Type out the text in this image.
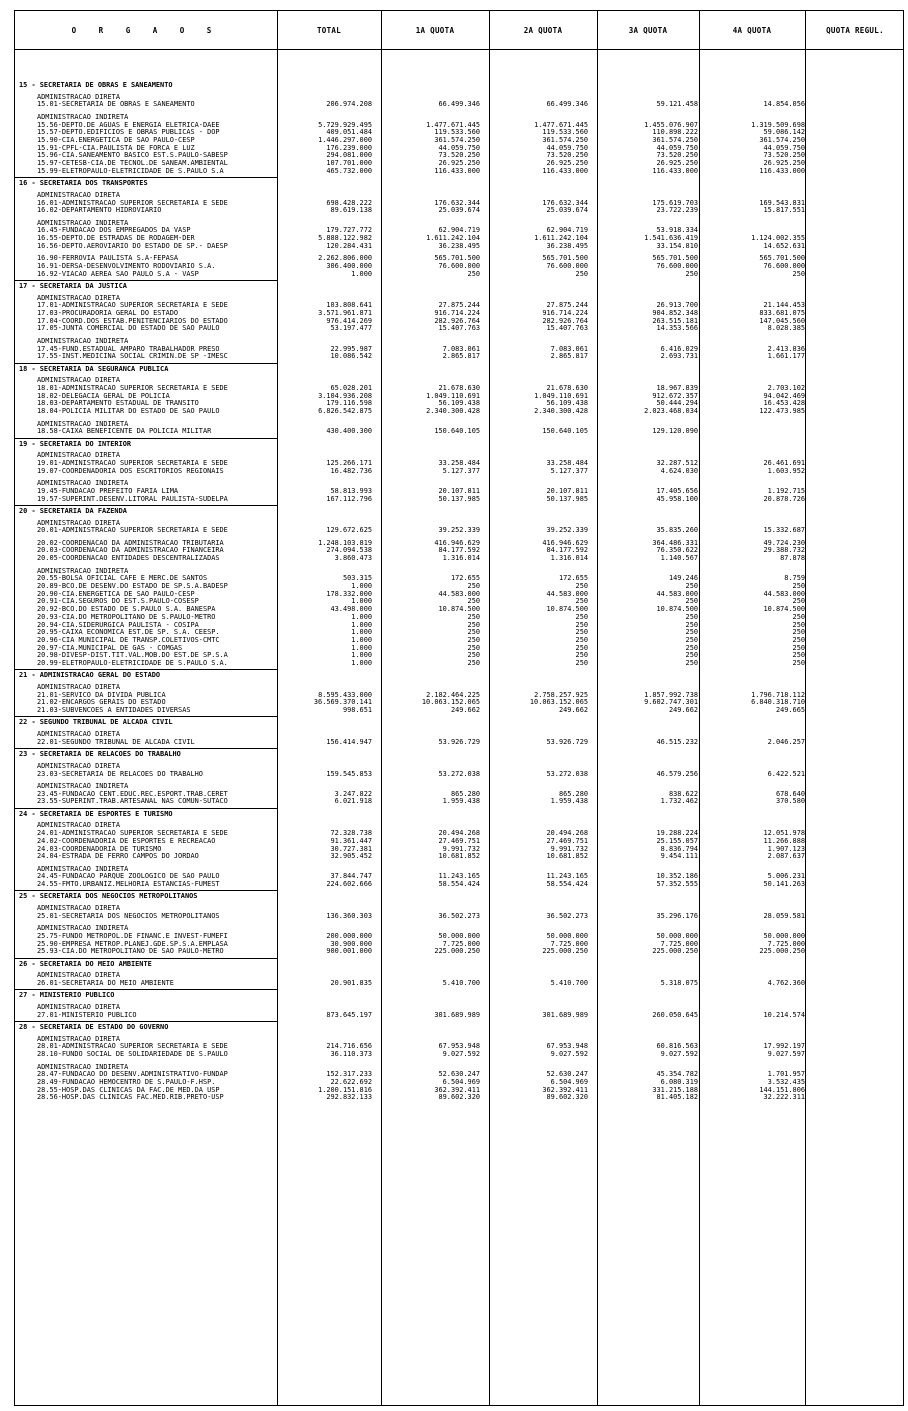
O R G A O S	TOTAL	1A QUOTA	2A QUOTA	3A QUOTA	4A QUOTA	QUOTA REGUL.
15 - SECRETARIA DE OBRAS E SANEAMENTO
ADMINISTRACAO DIRETA
15.01-SECRETARIA DE OBRAS E SANEAMENTO	206.974.208	66.499.346	66.499.346	59.121.458	14.854.056
ADMINISTRACAO INDIRETA
15.56-DEPTO.DE AGUAS E ENERGIA ELETRICA-DAEE	5.729.929.495	1.477.671.445	1.477.671.445	1.455.076.907	1.319.509.698
15.57-DEPTO.EDIFICIOS E OBRAS PUBLICAS - DOP	409.051.484	119.533.560	119.533.560	110.898.222	59.086.142
15.90-CIA.ENERGETICA DE SAO PAULO-CESP	1.446.297.000	361.574.250	361.574.250	361.574.250	361.574.250
15.91-CPFL-CIA.PAULISTA DE FORCA E LUZ	176.239.000	44.059.750	44.059.750	44.059.750	44.059.750
15.96-CIA.SANEAMENTO BASICO EST.S.PAULO-SABESP	294.081.000	73.520.250	73.520.250	73.520.250	73.520.250
15.97-CETESB-CIA.DE TECNOL.DE SANEAM.AMBIENTAL	107.701.000	26.925.250	26.925.250	26.925.250	26.925.250
15.99-ELETROPAULO-ELETRICIDADE DE S.PAULO S.A	465.732.000	116.433.000	116.433.000	116.433.000	116.433.000
16 - SECRETARIA DOS TRANSPORTES
ADMINISTRACAO DIRETA
16.01-ADMINISTRACAO SUPERIOR SECRETARIA E SEDE	698.428.222	176.632.344	176.632.344	175.619.703	169.543.831
16.02-DEPARTAMENTO HIDROVIARIO	89.619.138	25.039.674	25.039.674	23.722.239	15.817.551
ADMINISTRACAO INDIRETA
16.45-FUNDACAO DOS EMPREGADOS DA VASP	179.727.772	62.904.719	62.904.719	53.918.334
16.55-DEPTO.DE ESTRADAS DE RODAGEM-DER	5.888.122.982	1.611.242.104	1.611.242.104	1.541.636.419	1.124.002.355
16.56-DEPTO.AEROVIARIO DO ESTADO DE SP.- DAESP	120.284.431	36.238.495	36.238.495	33.154.810	14.652.631
16.90-FERROVIA PAULISTA S.A-FEPASA	2.262.806.000	565.701.500	565.701.500	565.701.500	565.701.500
16.91-DERSA-DESENVOLVIMENTO RODOVIARIO S.A.	306.400.000	76.600.000	76.600.000	76.600.000	76.600.000
16.92-VIACAO AEREA SAO PAULO S.A - VASP	1.000	250	250	250	250
17 - SECRETARIA DA JUSTICA
ADMINISTRACAO DIRETA
17.01-ADMINISTRACAO SUPERIOR SECRETARIA E SEDE	103.808.641	27.875.244	27.875.244	26.913.700	21.144.453
17.03-PROCURADORIA GERAL DO ESTADO	3.571.961.871	916.714.224	916.714.224	904.852.348	833.681.075
17.04-COORD.DOS ESTAB.PENITENCIARIOS DO ESTADO	976.414.269	282.926.764	282.926.764	263.515.181	147.045.560
17.05-JUNTA COMERCIAL DO ESTADO DE SAO PAULO	53.197.477	15.407.763	15.407.763	14.353.566	8.028.385
ADMINISTRACAO INDIRETA
17.45-FUND.ESTADUAL AMPARO TRABALHADOR PRESO	22.995.987	7.083.061	7.083.061	6.416.029	2.413.836
17.55-INST.MEDICINA SOCIAL CRIMIN.DE SP -IMESC	10.086.542	2.865.817	2.865.817	2.693.731	1.661.177
18 - SECRETARIA DA SEGURANCA PUBLICA
ADMINISTRACAO DIRETA
18.01-ADMINISTRACAO SUPERIOR SECRETARIA E SEDE	65.028.201	21.678.630	21.678.630	18.967.839	2.703.102
18.02-DELEGACIA GERAL DE POLICIA	3.104.936.208	1.049.110.691	1.049.110.691	912.672.357	94.042.469
18.03-DEPARTAMENTO ESTADUAL DE TRANSITO	179.116.598	56.109.438	56.109.438	50.444.294	16.453.428
18.04-POLICIA MILITAR DO ESTADO DE SAO PAULO	6.826.542.875	2.340.300.428	2.340.300.428	2.023.468.034	122.473.985
ADMINISTRACAO INDIRETA
18.58-CAIXA BENEFICENTE DA POLICIA MILITAR	430.400.300	150.640.105	150.640.105	129.120.090
19 - SECRETARIA DO INTERIOR
ADMINISTRACAO DIRETA
19.01-ADMINISTRACAO SUPERIOR SECRETARIA E SEDE	125.266.171	33.258.484	33.258.484	32.287.512	26.461.691
19.07-COORDENADORIA DOS ESCRITORIOS REGIONAIS	16.482.736	5.127.377	5.127.377	4.624.030	1.603.952
ADMINISTRACAO INDIRETA
19.45-FUNDACAO PREFEITO FARIA LIMA	58.813.993	20.107.811	20.107.811	17.405.656	1.192.715
19.57-SUPERINT.DESENV.LITORAL PAULISTA-SUDELPA	167.112.796	50.137.985	50.137.985	45.958.100	20.878.726
20 - SECRETARIA DA FAZENDA
ADMINISTRACAO DIRETA
20.01-ADMINISTRACAO SUPERIOR SECRETARIA E SEDE	129.672.625	39.252.339	39.252.339	35.835.260	15.332.687
20.02-COORDENACAO DA ADMINISTRACAO TRIBUTARIA	1.248.103.819	416.946.629	416.946.629	364.486.331	49.724.230
20.03-COORDENACAO DA ADMINISTRACAO FINANCEIRA	274.094.538	84.177.592	84.177.592	76.350.622	29.388.732
20.05-COORDENACAO ENTIDADES DESCENTRALIZADAS	3.860.473	1.316.014	1.316.014	1.140.567	87.878
ADMINISTRACAO INDIRETA
20.55-BOLSA OFICIAL CAFE E MERC.DE SANTOS	503.315	172.655	172.655	149.246	8.759
20.89-BCO.DE DESENV.DO ESTADO DE SP.S.A.BADESP	1.000	250	250	250	250
20.90-CIA.ENERGETICA DE SAO PAULO-CESP	178.332.000	44.583.000	44.583.000	44.583.000	44.583.000
20.91-CIA.SEGUROS DO EST.S.PAULO-COSESP	1.000	250	250	250	250
20.92-BCO.DO ESTADO DE S.PAULO S.A. BANESPA	43.498.000	10.874.500	10.874.500	10.874.500	10.874.500
20.93-CIA.DO METROPOLITANO DE S.PAULO-METRO	1.000	250	250	250	250
20.94-CIA.SIDERURGICA PAULISTA - COSIPA	1.000	250	250	250	250
20.95-CAIXA ECONOMICA EST.DE SP. S.A. CEESP.	1.000	250	250	250	250
20.96-CIA MUNICIPAL DE TRANSP.COLETIVOS-CMTC	1.000	250	250	250	250
20.97-CIA.MUNICIPAL DE GAS - COMGAS	1.000	250	250	250	250
20.98-DIVESP-DIST.TIT.VAL.MOB.DO EST.DE SP.S.A	1.000	250	250	250	250
20.99-ELETROPAULO-ELETRICIDADE DE S.PAULO S.A.	1.000	250	250	250	250
21 - ADMINISTRACAO GERAL DO ESTADO
ADMINISTRACAO DIRETA
21.01-SERVICO DA DIVIDA PUBLICA	8.595.433.000	2.182.464.225	2.758.257.925	1.857.992.738	1.796.718.112
21.02-ENCARGOS GERAIS DO ESTADO	36.569.370.141	10.063.152.065	10.063.152.065	9.602.747.301	6.840.318.710
21.03-SUBVENCOES A ENTIDADES DIVERSAS	998.651	249.662	249.662	249.662	249.665
22 - SEGUNDO TRIBUNAL DE ALCADA CIVIL
ADMINISTRACAO DIRETA
22.01-SEGUNDO TRIBUNAL DE ALCADA CIVIL	156.414.947	53.926.729	53.926.729	46.515.232	2.046.257
23 - SECRETARIA DE RELACOES DO TRABALHO
ADMINISTRACAO DIRETA
23.03-SECRETARIA DE RELACOES DO TRABALHO	159.545.853	53.272.038	53.272.038	46.579.256	6.422.521
ADMINISTRACAO INDIRETA
23.45-FUNDACAO CENT.EDUC.REC.ESPORT.TRAB.CERET	3.247.822	865.280	865.280	838.622	678.640
23.55-SUPERINT.TRAB.ARTESANAL NAS COMUN-SUTACO	6.021.918	1.959.438	1.959.438	1.732.462	370.580
24 - SECRETARIA DE ESPORTES E TURISMO
ADMINISTRACAO DIRETA
24.01-ADMINISTRACAO SUPERIOR SECRETARIA E SEDE	72.328.738	20.494.268	20.494.268	19.288.224	12.051.978
24.02-COORDENADORIA DE ESPORTES E RECREACAO	91.361.447	27.469.751	27.469.751	25.155.057	11.266.888
24.03-COORDENADORIA DE TURISMO	30.727.381	9.991.732	9.991.732	8.836.794	1.907.123
24.04-ESTRADA DE FERRO CAMPOS DO JORDAO	32.905.452	10.681.852	10.681.852	9.454.111	2.087.637
ADMINISTRACAO INDIRETA
24.45-FUNDACAO PARQUE ZOOLOGICO DE SAO PAULO	37.844.747	11.243.165	11.243.165	10.352.186	5.006.231
24.55-FMTO.URBANIZ.MELHORIA ESTANCIAS-FUMEST	224.602.666	58.554.424	58.554.424	57.352.555	50.141.263
25 - SECRETARIA DOS NEGOCIOS METROPOLITANOS
ADMINISTRACAO DIRETA
25.01-SECRETARIA DOS NEGOCIOS METROPOLITANOS	136.360.303	36.502.273	36.502.273	35.296.176	28.059.581
ADMINISTRACAO INDIRETA
25.75-FUNDO METROPOL.DE FINANC.E INVEST-FUMEFI	200.000.000	50.000.000	50.000.000	50.000.000	50.000.000
25.90-EMPRESA METROP.PLANEJ.GDE.SP.S.A.EMPLASA	30.900.000	7.725.000	7.725.000	7.725.000	7.725.000
25.93-CIA.DO METROPOLITANO DE SAO PAULO-METRO	900.001.000	225.000.250	225.000.250	225.000.250	225.000.250
26 - SECRETARIA DO MEIO AMBIENTE
ADMINISTRACAO DIRETA
26.01-SECRETARIA DO MEIO AMBIENTE	20.901.835	5.410.700	5.410.700	5.318.075	4.762.360
27 - MINISTERIO PUBLICO
ADMINISTRACAO DIRETA
27.01-MINISTERIO PUBLICO	873.645.197	301.689.989	301.689.989	260.050.645	10.214.574
28 - SECRETARIA DE ESTADO DO GOVERNO
ADMINISTRACAO DIRETA
28.01-ADMINISTRACAO SUPERIOR SECRETARIA E SEDE	214.716.656	67.953.948	67.953.948	60.816.563	17.992.197
28.10-FUNDO SOCIAL DE SOLIDARIEDADE DE S.PAULO	36.110.373	9.027.592	9.027.592	9.027.592	9.027.597
ADMINISTRACAO INDIRETA
28.47-FUNDACAO DO DESENV.ADMINISTRATIVO-FUNDAP	152.317.233	52.630.247	52.630.247	45.354.782	1.701.957
28.49-FUNDACAO HEMOCENTRO DE S.PAULO-F.HSP.	22.622.692	6.504.969	6.504.969	6.080.319	3.532.435
28.55-HOSP.DAS CLINICAS DA FAC.DE MED.DA USP	1.200.151.816	362.392.411	362.392.411	331.215.188	144.151.806
28.56-HOSP.DAS CLINICAS FAC.MED.RIB.PRETO-USP	292.832.133	89.602.320	89.602.320	81.405.182	32.222.311
